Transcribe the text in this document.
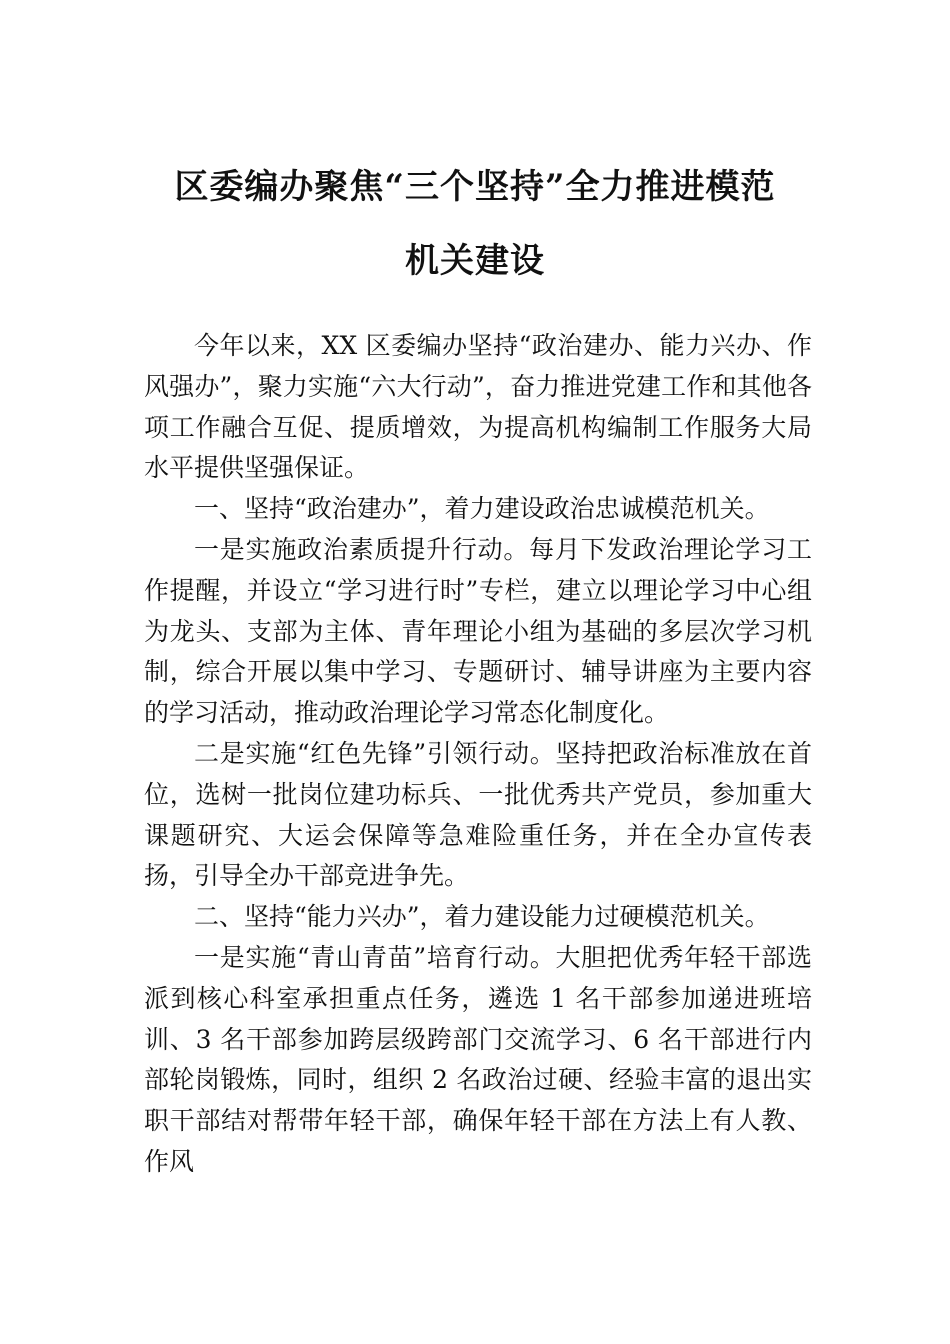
区委编办聚焦“三个坚持”全力推进模范
机关建设

今年以来，XX 区委编办坚持“政治建办、能力兴办、作风强办”，聚力实施“六大行动”，奋力推进党建工作和其他各项工作融合互促、提质增效，为提高机构编制工作服务大局水平提供坚强保证。

一、坚持“政治建办”，着力建设政治忠诚模范机关。

一是实施政治素质提升行动。每月下发政治理论学习工作提醒，并设立“学习进行时”专栏，建立以理论学习中心组为龙头、支部为主体、青年理论小组为基础的多层次学习机制，综合开展以集中学习、专题研讨、辅导讲座为主要内容的学习活动，推动政治理论学习常态化制度化。

二是实施“红色先锋”引领行动。坚持把政治标准放在首位，选树一批岗位建功标兵、一批优秀共产党员，参加重大课题研究、大运会保障等急难险重任务，并在全办宣传表扬，引导全办干部竞进争先。

二、坚持“能力兴办”，着力建设能力过硬模范机关。

一是实施“青山青苗”培育行动。大胆把优秀年轻干部选派到核心科室承担重点任务，遴选 1 名干部参加递进班培训、3 名干部参加跨层级跨部门交流学习、6 名干部进行内部轮岗锻炼，同时，组织 2 名政治过硬、经验丰富的退出实职干部结对帮带年轻干部，确保年轻干部在方法上有人教、作风
